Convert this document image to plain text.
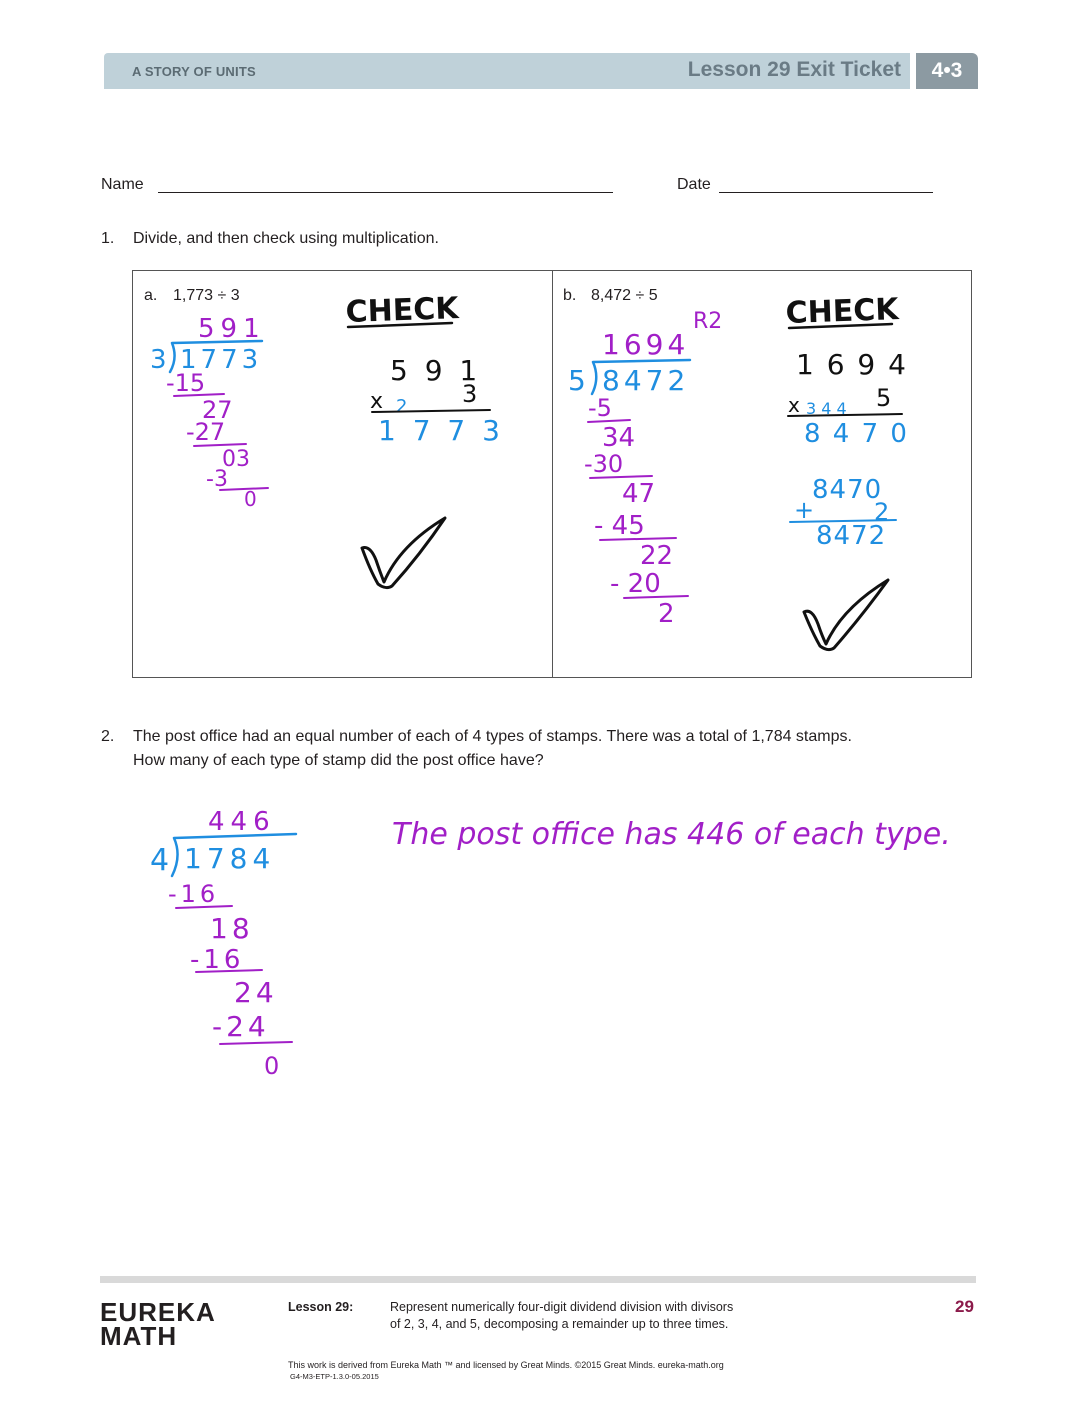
A STORY OF UNITS	Lesson 29 Exit Ticket	4•3
Name	Date
1. Divide, and then check using multiplication.
a. 1,773 ÷ 3	b. 8,472 ÷ 5
CHECK	CHECK
591
3 1773
-15
27
-27
03
-3
0
5 9 1
x 2 3
1 7 7 3
1694
R2
5 8472
-5
34
-30
47
- 45
22
- 20
2
1 6 9 4
x 3 4 4 5
8 4 7 0
8470
+ 2
8472
446
4 1784
-16
18
-16
24
-24
0
The post office has 446 of each type.
2. The post office had an equal number of each of 4 types of stamps. There was a total of 1,784 stamps.
How many of each type of stamp did the post office have?
EUREKA
MATH
Lesson 29:	Represent numerically four-digit dividend division with divisors
of 2, 3, 4, and 5, decomposing a remainder up to three times.
29
This work is derived from Eureka Math ™ and licensed by Great Minds. ©2015 Great Minds. eureka-math.org
G4-M3-ETP-1.3.0-05.2015
